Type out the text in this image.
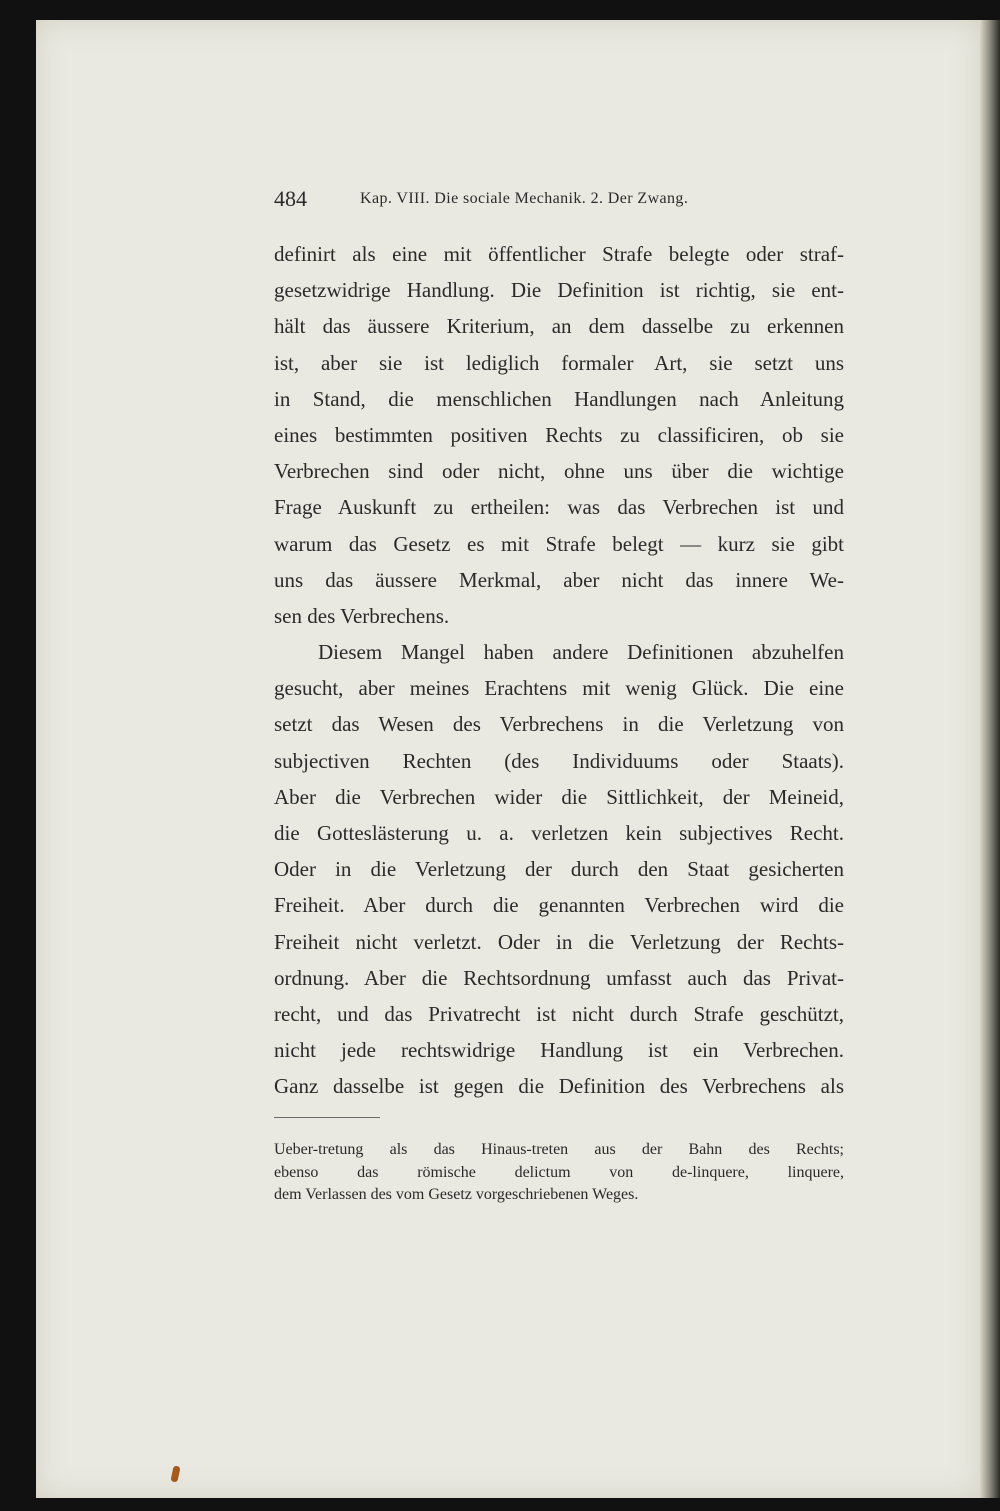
484	Kap. VIII. Die sociale Mechanik. 2. Der Zwang.
definirt als eine mit öffentlicher Strafe belegte oder straf-
gesetzwidrige Handlung. Die Definition ist richtig, sie ent-
hält das äussere Kriterium, an dem dasselbe zu erkennen
ist, aber sie ist lediglich formaler Art, sie setzt uns
in Stand, die menschlichen Handlungen nach Anleitung
eines bestimmten positiven Rechts zu classificiren, ob sie
Verbrechen sind oder nicht, ohne uns über die wichtige
Frage Auskunft zu ertheilen: was das Verbrechen ist und
warum das Gesetz es mit Strafe belegt — kurz sie gibt
uns das äussere Merkmal, aber nicht das innere We-
sen des Verbrechens.
Diesem Mangel haben andere Definitionen abzuhelfen
gesucht, aber meines Erachtens mit wenig Glück. Die eine
setzt das Wesen des Verbrechens in die Verletzung von
subjectiven Rechten (des Individuums oder Staats).
Aber die Verbrechen wider die Sittlichkeit, der Meineid,
die Gotteslästerung u. a. verletzen kein subjectives Recht.
Oder in die Verletzung der durch den Staat gesicherten
Freiheit. Aber durch die genannten Verbrechen wird die
Freiheit nicht verletzt. Oder in die Verletzung der Rechts-
ordnung. Aber die Rechtsordnung umfasst auch das Privat-
recht, und das Privatrecht ist nicht durch Strafe geschützt,
nicht jede rechtswidrige Handlung ist ein Verbrechen.
Ganz dasselbe ist gegen die Definition des Verbrechens als
Ueber-tretung als das Hinaus-treten aus der Bahn des Rechts;
ebenso das römische delictum von de-linquere, linquere,
dem Verlassen des vom Gesetz vorgeschriebenen Weges.
